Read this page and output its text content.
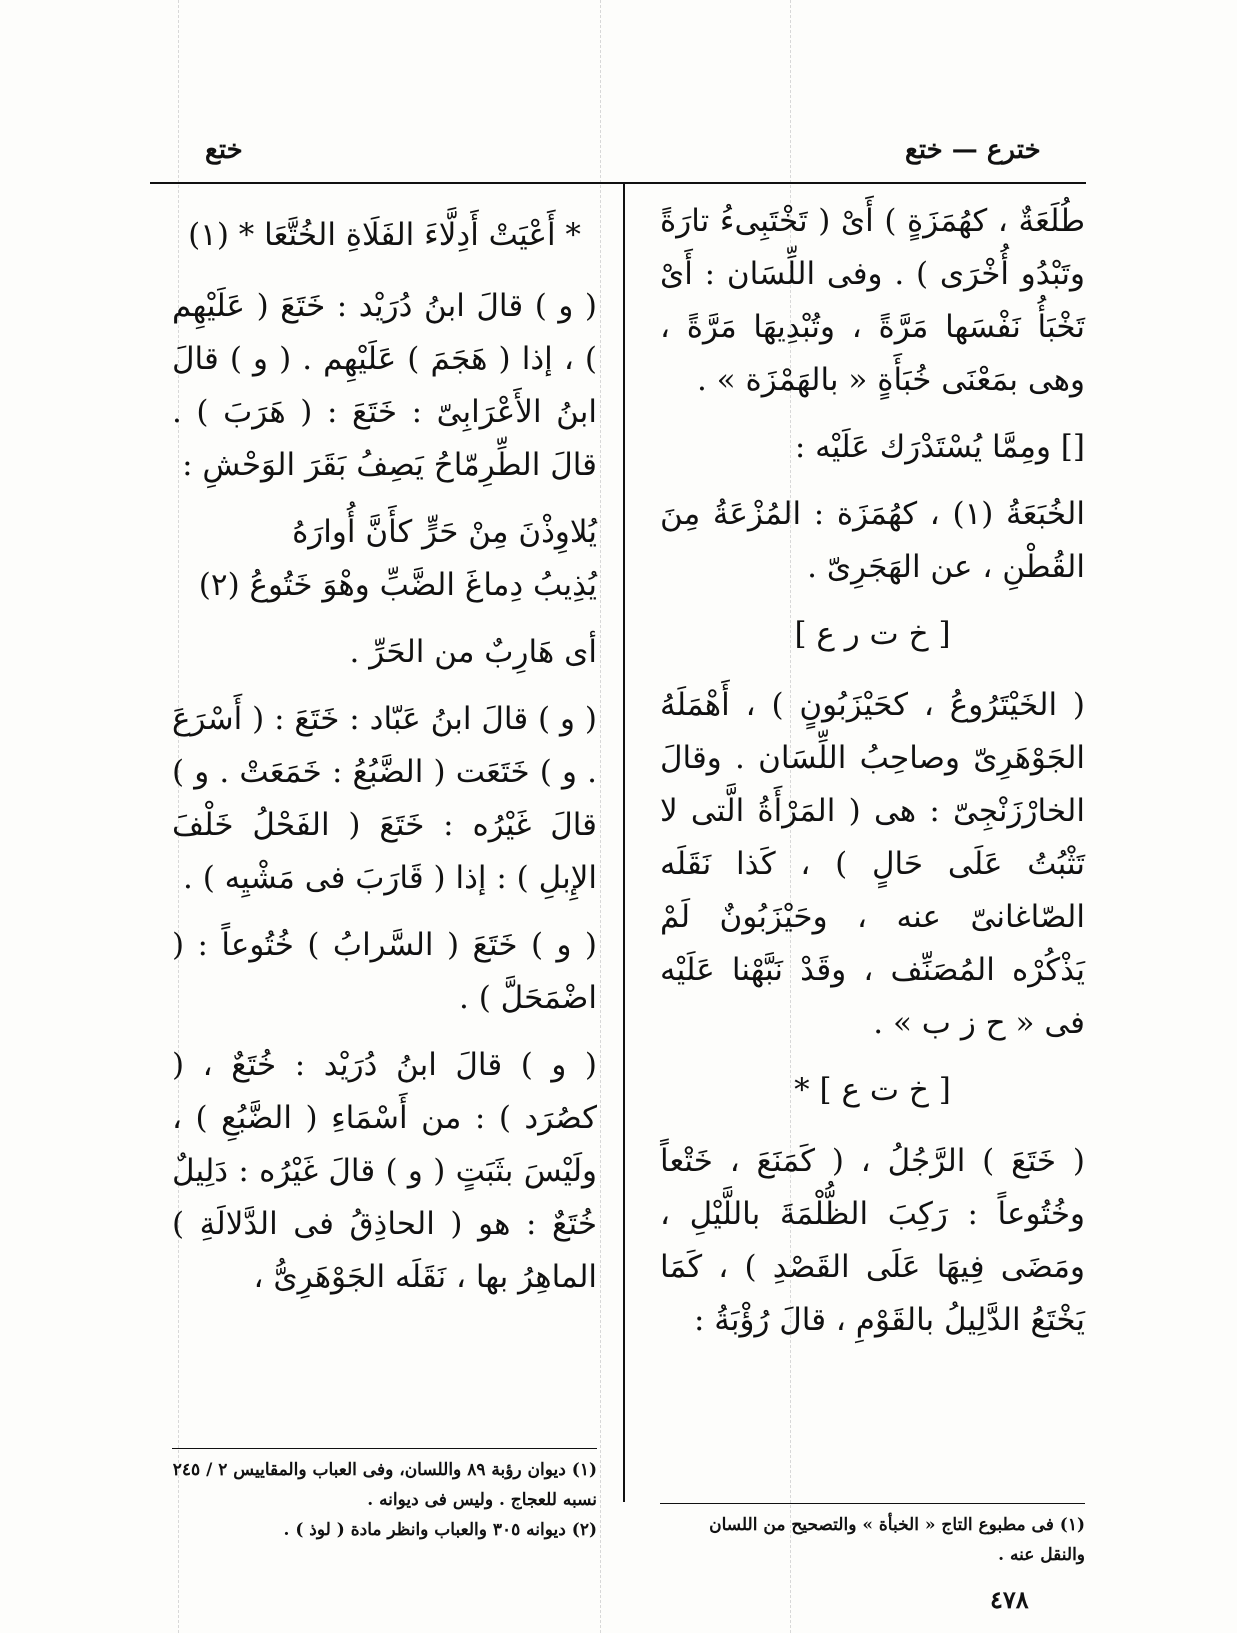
خترع — ختع
ختع

طُلَعَةٌ ، كهُمَزَةٍ ) أَىْ ( تَخْتَبِىءُ تارَةً وتَبْدُو أُخْرَى ) . وفى اللِّسَان : أَىْ تَخْبَأُ نَفْسَها مَرَّةً ، وتُبْدِيهَا مَرَّةً ، وهى بمَعْنَى خُبَأَةٍ « بالهَمْزَة » .

[] ومِمَّا يُسْتَدْرَك عَلَيْه :

الخُبَعَةُ (١) ، كهُمَزَة : المُزْعَةُ مِنَ القُطْنِ ، عن الهَجَرِىّ .

[ خ ت ر ع ]

( الخَيْتَرُوعُ ، كحَيْزَبُونٍ ) ، أَهْمَلَهُ الجَوْهَرِىّ وصاحِبُ اللِّسَان . وقالَ الخارْزَنْجِىّ : هى ( المَرْأَةُ الَّتى لا تَثْبُتُ عَلَى حَالٍ ) ، كَذا نَقَلَه الصّاغانىّ عنه ، وحَيْزَبُونٌ لَمْ يَذْكُرْه المُصَنِّف ، وقَدْ نَبَّهْنا عَلَيْه فى « ح ز ب » .

[ خ ت ع ] *

( خَتَعَ ) الرَّجُلُ ، ( كَمَنَعَ ، خَتْعاً وخُتُوعاً : رَكِبَ الظُّلْمَةَ باللَّيْلِ ، ومَضَى فِيهَا عَلَى القَصْدِ ) ، كَمَا يَخْتَعُ الدَّلِيلُ بالقَوْمِ ، قالَ رُؤْبَةُ :

* أَعْيَتْ أَدِلَّاءَ الفَلَاةِ الخُتَّعَا * (١)

( و ) قالَ ابنُ دُرَيْد : خَتَعَ ( عَلَيْهِم ) ، إذا ( هَجَمَ ) عَلَيْهِم . ( و ) قالَ ابنُ الأَعْرَابِىّ : خَتَعَ : ( هَرَبَ ) . قالَ الطِّرِمّاحُ يَصِفُ بَقَرَ الوَحْشِ :

يُلاوِذْنَ مِنْ حَرٍّ كأَنَّ أُوارَهُ
يُذِيبُ دِماغَ الضَّبِّ وهْوَ خَتُوعُ (٢)

أى هَارِبٌ من الحَرِّ .

( و ) قالَ ابنُ عَبّاد : خَتَعَ : ( أَسْرَعَ . و ) خَتَعَت ( الضَّبُعُ : خَمَعَتْ . و ) قالَ غَيْرُه : خَتَعَ ( الفَحْلُ خَلْفَ الإِبلِ ) : إذا ( قَارَبَ فى مَشْيِه ) .

( و ) خَتَعَ ( السَّرابُ ) خُتُوعاً : ( اضْمَحَلَّ ) .

( و ) قالَ ابنُ دُرَيْد : خُتَعٌ ، ( كصُرَد ) : من أَسْمَاءِ ( الضَّبُعِ ) ، ولَيْسَ بثَبَتٍ ( و ) قالَ غَيْرُه : دَلِيلٌ خُتَعٌ : هو ( الحاذِقُ فى الدَّلالَةِ ) الماهِرُ بها ، نَقَلَه الجَوْهَرِىُّ ،

(١) فى مطبوع التاج « الخبأة » والتصحيح من اللسان والنقل عنه .
(١) ديوان رؤبة ٨٩ واللسان، وفى العباب والمقاييس ٢ / ٢٤٥ نسبه للعجاج . وليس فى ديوانه .
(٢) ديوانه ٣٠٥ والعباب وانظر مادة ( لوذ ) .
٤٧٨
